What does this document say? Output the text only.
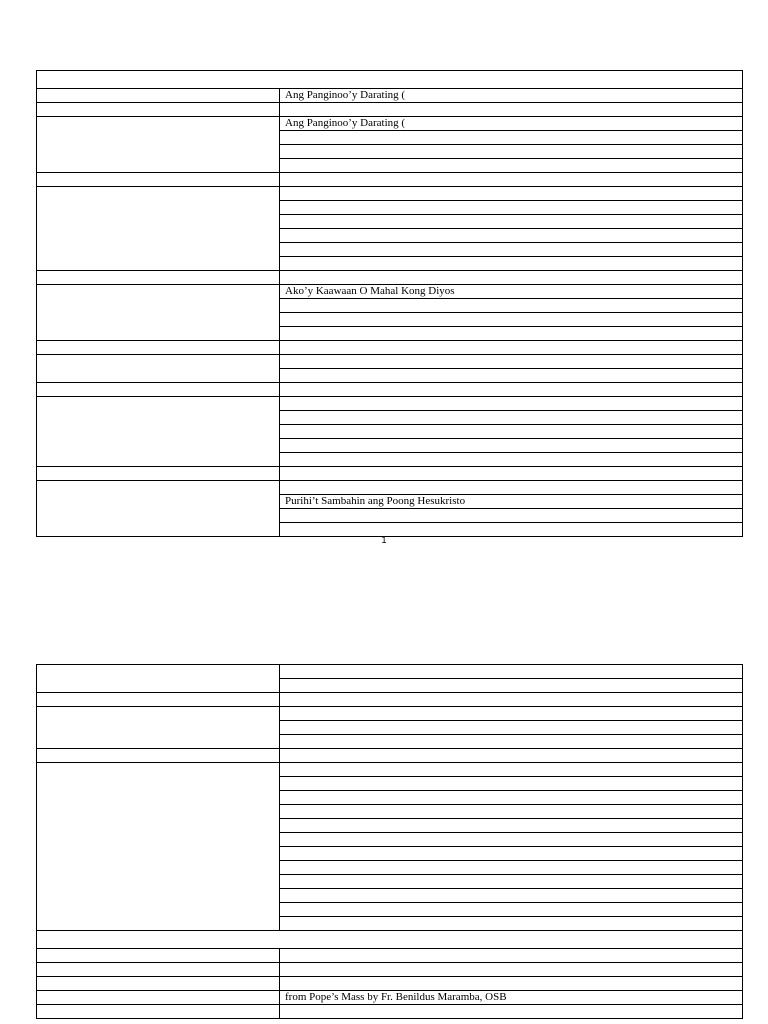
	Ang Panginoo’y Darating (

	Ang Panginoo’y Darating (

	Ako’y Kaawaan O Mahal Kong Diyos

	Purihi’t Sambahin ang Poong Hesukristo

1

	from Pope’s Mass by Fr. Benildus Maramba, OSB
